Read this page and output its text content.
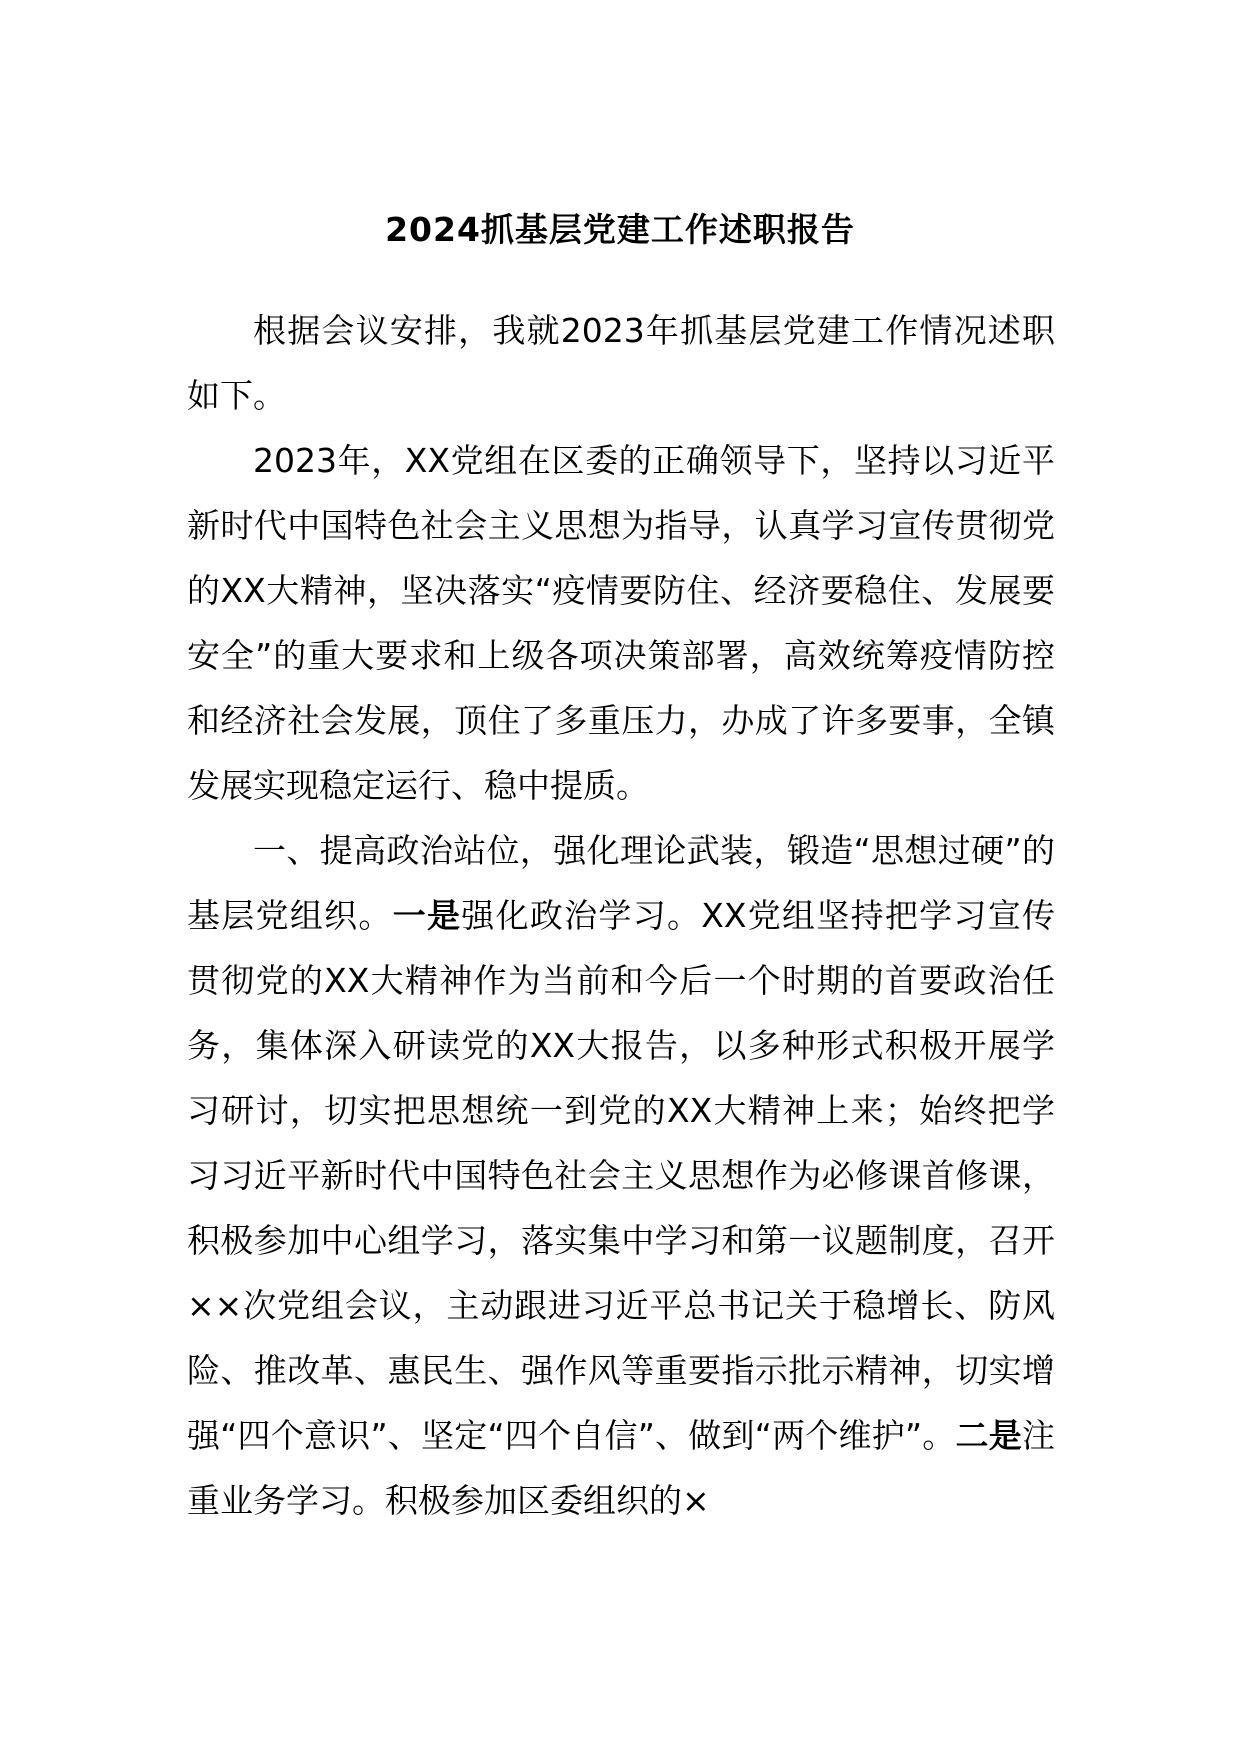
2024抓基层党建工作述职报告

根据会议安排，我就2023年抓基层党建工作情况述职如下。

2023年，XX党组在区委的正确领导下，坚持以习近平新时代中国特色社会主义思想为指导，认真学习宣传贯彻党的XX大精神，坚决落实“疫情要防住、经济要稳住、发展要安全”的重大要求和上级各项决策部署，高效统筹疫情防控和经济社会发展，顶住了多重压力，办成了许多要事，全镇发展实现稳定运行、稳中提质。

一、提高政治站位，强化理论武装，锻造“思想过硬”的基层党组织。一是强化政治学习。XX党组坚持把学习宣传贯彻党的XX大精神作为当前和今后一个时期的首要政治任务，集体深入研读党的XX大报告，以多种形式积极开展学习研讨，切实把思想统一到党的XX大精神上来；始终把学习习近平新时代中国特色社会主义思想作为必修课首修课，积极参加中心组学习，落实集中学习和第一议题制度，召开××次党组会议，主动跟进习近平总书记关于稳增长、防风险、推改革、惠民生、强作风等重要指示批示精神，切实增强“四个意识”、坚定“四个自信”、做到“两个维护”。二是注重业务学习。积极参加区委组织的×
